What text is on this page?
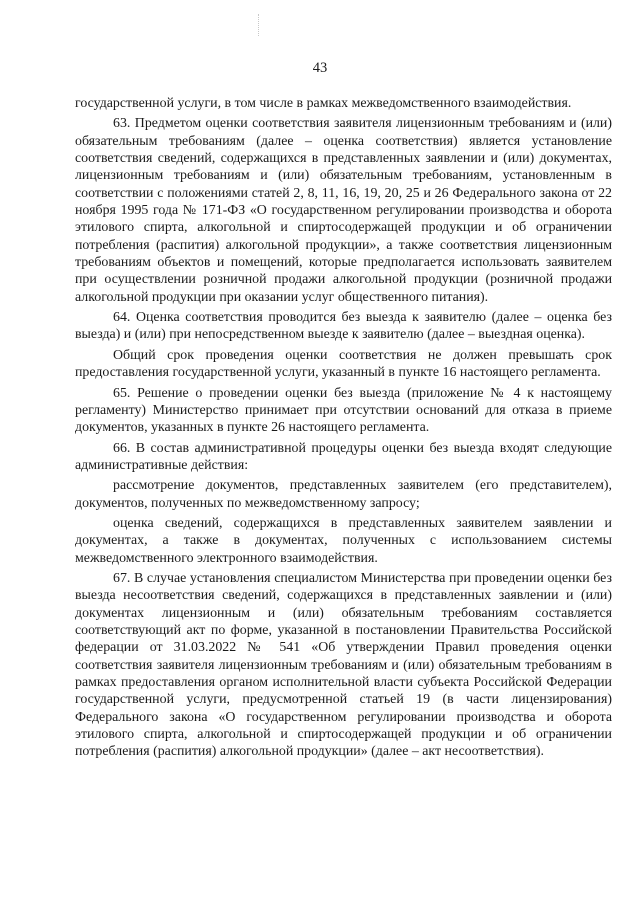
43

государственной услуги, в том числе в рамках межведомственного взаимодействия.

63. Предметом оценки соответствия заявителя лицензионным требованиям и (или) обязательным требованиям (далее – оценка соответствия) является установление соответствия сведений, содержащихся в представленных заявлении и (или) документах, лицензионным требованиям и (или) обязательным требованиям, установленным в соответствии с положениями статей 2, 8, 11, 16, 19, 20, 25 и 26 Федерального закона от 22 ноября 1995 года № 171-ФЗ «О государственном регулировании производства и оборота этилового спирта, алкогольной и спиртосодержащей продукции и об ограничении потребления (распития) алкогольной продукции», а также соответствия лицензионным требованиям объектов и помещений, которые предполагается использовать заявителем при осуществлении розничной продажи алкогольной продукции (розничной продажи алкогольной продукции при оказании услуг общественного питания).

64. Оценка соответствия проводится без выезда к заявителю (далее – оценка без выезда) и (или) при непосредственном выезде к заявителю (далее – выездная оценка).

Общий срок проведения оценки соответствия не должен превышать срок предоставления государственной услуги, указанный в пункте 16 настоящего регламента.

65. Решение о проведении оценки без выезда (приложение № 4 к настоящему регламенту) Министерство принимает при отсутствии оснований для отказа в приеме документов, указанных в пункте 26 настоящего регламента.

66. В состав административной процедуры оценки без выезда входят следующие административные действия:

рассмотрение документов, представленных заявителем (его представителем), документов, полученных по межведомственному запросу;

оценка сведений, содержащихся в представленных заявителем заявлении и документах, а также в документах, полученных с использованием системы межведомственного электронного взаимодействия.

67. В случае установления специалистом Министерства при проведении оценки без выезда несоответствия сведений, содержащихся в представленных заявлении и (или) документах лицензионным и (или) обязательным требованиям составляется соответствующий акт по форме, указанной в постановлении Правительства Российской федерации от 31.03.2022 № 541 «Об утверждении Правил проведения оценки соответствия заявителя лицензионным требованиям и (или) обязательным требованиям в рамках предоставления органом исполнительной власти субъекта Российской Федерации государственной услуги, предусмотренной статьей 19 (в части лицензирования) Федерального закона «О государственном регулировании производства и оборота этилового спирта, алкогольной и спиртосодержащей продукции и об ограничении потребления (распития) алкогольной продукции» (далее – акт несоответствия).
